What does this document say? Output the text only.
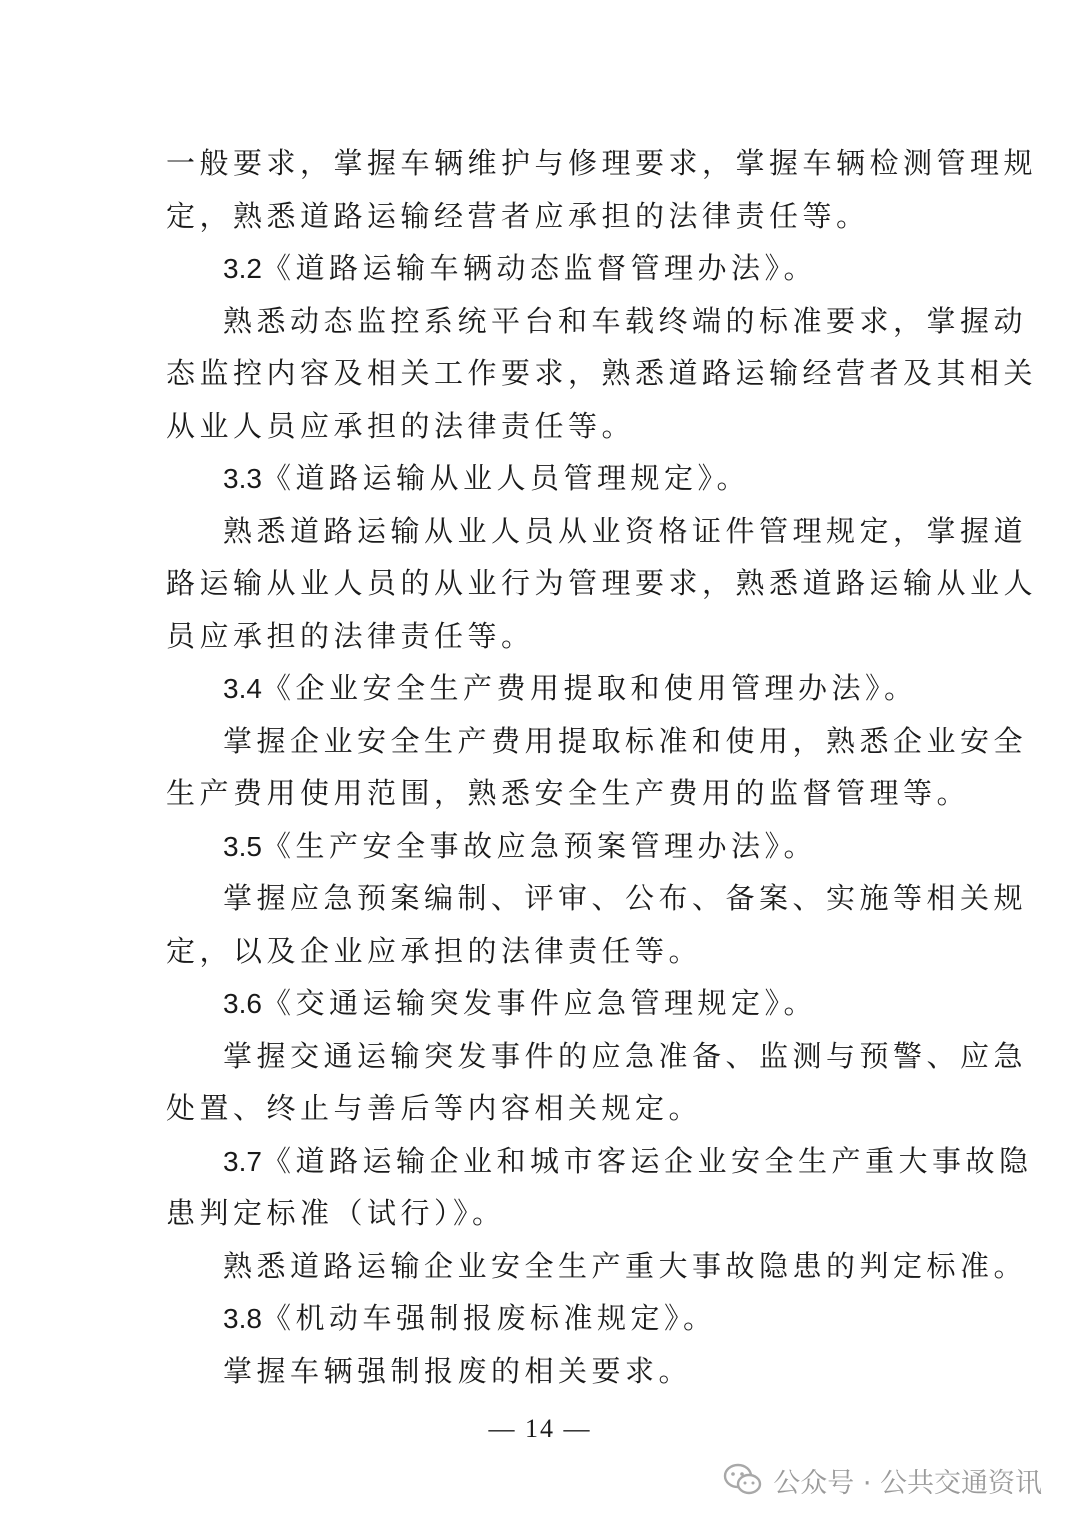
一般要求，掌握车辆维护与修理要求，掌握车辆检测管理规
定，熟悉道路运输经营者应承担的法律责任等。
3.2《道路运输车辆动态监督管理办法》。
熟悉动态监控系统平台和车载终端的标准要求，掌握动
态监控内容及相关工作要求，熟悉道路运输经营者及其相关
从业人员应承担的法律责任等。
3.3《道路运输从业人员管理规定》。
熟悉道路运输从业人员从业资格证件管理规定，掌握道
路运输从业人员的从业行为管理要求，熟悉道路运输从业人
员应承担的法律责任等。
3.4《企业安全生产费用提取和使用管理办法》。
掌握企业安全生产费用提取标准和使用，熟悉企业安全
生产费用使用范围，熟悉安全生产费用的监督管理等。
3.5《生产安全事故应急预案管理办法》。
掌握应急预案编制、评审、公布、备案、实施等相关规
定，以及企业应承担的法律责任等。
3.6《交通运输突发事件应急管理规定》。
掌握交通运输突发事件的应急准备、监测与预警、应急
处置、终止与善后等内容相关规定。
3.7《道路运输企业和城市客运企业安全生产重大事故隐
患判定标准（试行）》。
熟悉道路运输企业安全生产重大事故隐患的判定标准。
3.8《机动车强制报废标准规定》。
掌握车辆强制报废的相关要求。
— 14 —
公众号 · 公共交通资讯
